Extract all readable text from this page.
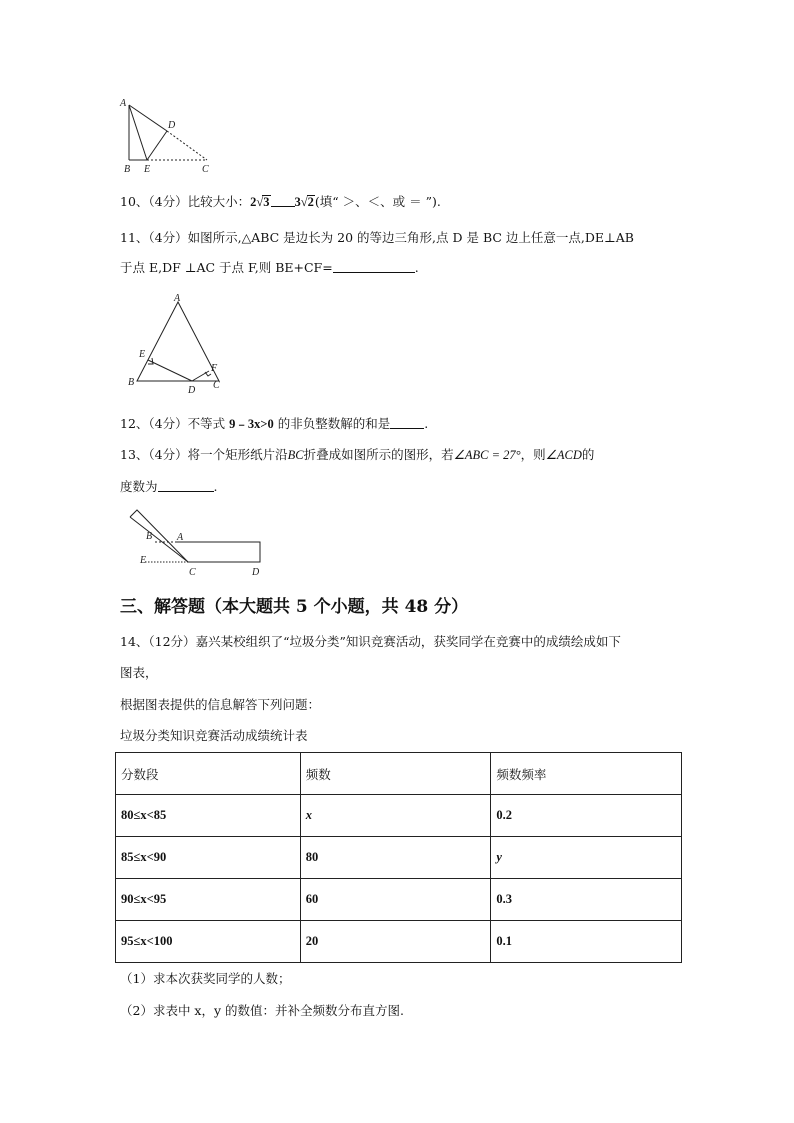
A
D
B E	C
10、（4分）比较大小：2√3 3√2(填“ ＞、＜、或 ＝ ”).
11、（4分）如图所示,△ABC 是边长为 20 的等边三角形,点 D 是 BC 边上任意一点,DE⊥AB
于点 E,DF ⊥AC 于点 F,则 BE+CF=	.
A
E
F
B
D C
12、（4分）不等式 9﹣3x>0 的非负整数解的和是	.
13、（4分）将一个矩形纸片沿BC折叠成如图所示的图形，若∠ABC = 27°，则∠ACD的
度数为	.
B A
E
C	D
三、解答题（本大题共 5 个小题，共 48 分）
14、（12分）嘉兴某校组织了“垃圾分类”知识竞赛活动，获奖同学在竞赛中的成绩绘成如下
图表，
根据图表提供的信息解答下列问题：
垃圾分类知识竞赛活动成绩统计表
分数段	频数	频数频率
80≤x<85	x	0.2
85≤x<90	80	y
90≤x<95	60	0.3
95≤x<100	20	0.1
（1）求本次获奖同学的人数；
（2）求表中 x，y 的数值：并补全频数分布直方图.
